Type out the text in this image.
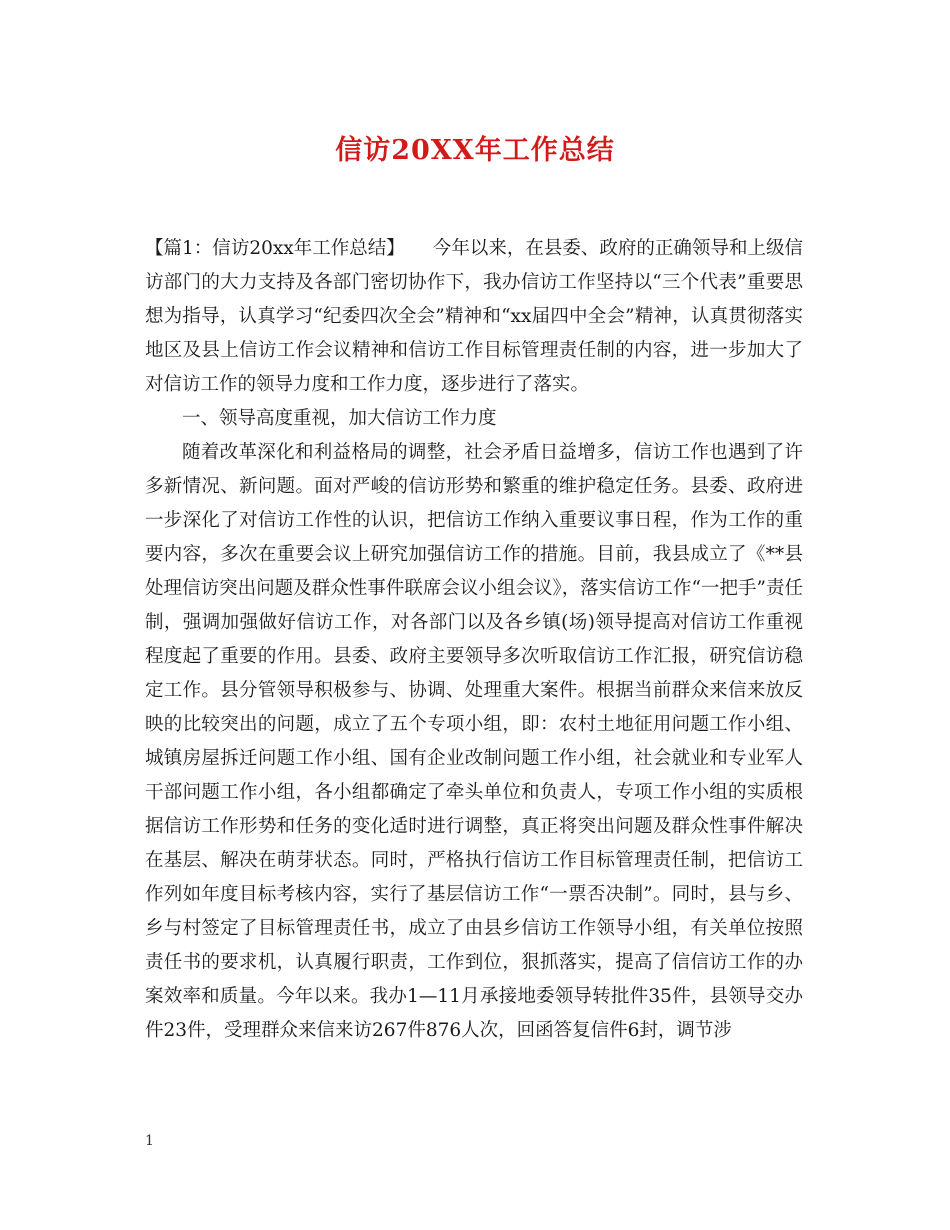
信访20XX年工作总结

【篇1：信访20xx年工作总结】 今年以来，在县委、政府的正确领导和上级信访部门的大力支持及各部门密切协作下，我办信访工作坚持以“三个代表”重要思想为指导，认真学习“纪委四次全会”精神和“xx届四中全会”精神，认真贯彻落实地区及县上信访工作会议精神和信访工作目标管理责任制的内容，进一步加大了对信访工作的领导力度和工作力度，逐步进行了落实。

一、领导高度重视，加大信访工作力度

随着改革深化和利益格局的调整，社会矛盾日益增多，信访工作也遇到了许多新情况、新问题。面对严峻的信访形势和繁重的维护稳定任务。县委、政府进一步深化了对信访工作性的认识，把信访工作纳入重要议事日程，作为工作的重要内容，多次在重要会议上研究加强信访工作的措施。目前，我县成立了《**县处理信访突出问题及群众性事件联席会议小组会议》，落实信访工作“一把手”责任制，强调加强做好信访工作，对各部门以及各乡镇(场)领导提高对信访工作重视程度起了重要的作用。县委、政府主要领导多次听取信访工作汇报，研究信访稳定工作。县分管领导积极参与、协调、处理重大案件。根据当前群众来信来放反映的比较突出的问题，成立了五个专项小组，即：农村土地征用问题工作小组、城镇房屋拆迁问题工作小组、国有企业改制问题工作小组，社会就业和专业军人干部问题工作小组，各小组都确定了牵头单位和负责人，专项工作小组的实质根据信访工作形势和任务的变化适时进行调整，真正将突出问题及群众性事件解决在基层、解决在萌芽状态。同时，严格执行信访工作目标管理责任制，把信访工作列如年度目标考核内容，实行了基层信访工作“一票否决制”。同时，县与乡、乡与村签定了目标管理责任书，成立了由县乡信访工作领导小组，有关单位按照责任书的要求机，认真履行职责，工作到位，狠抓落实，提高了信信访工作的办案效率和质量。今年以来。我办1—11月承接地委领导转批件35件，县领导交办件23件，受理群众来信来访267件876人次，回函答复信件6封，调节涉

1
